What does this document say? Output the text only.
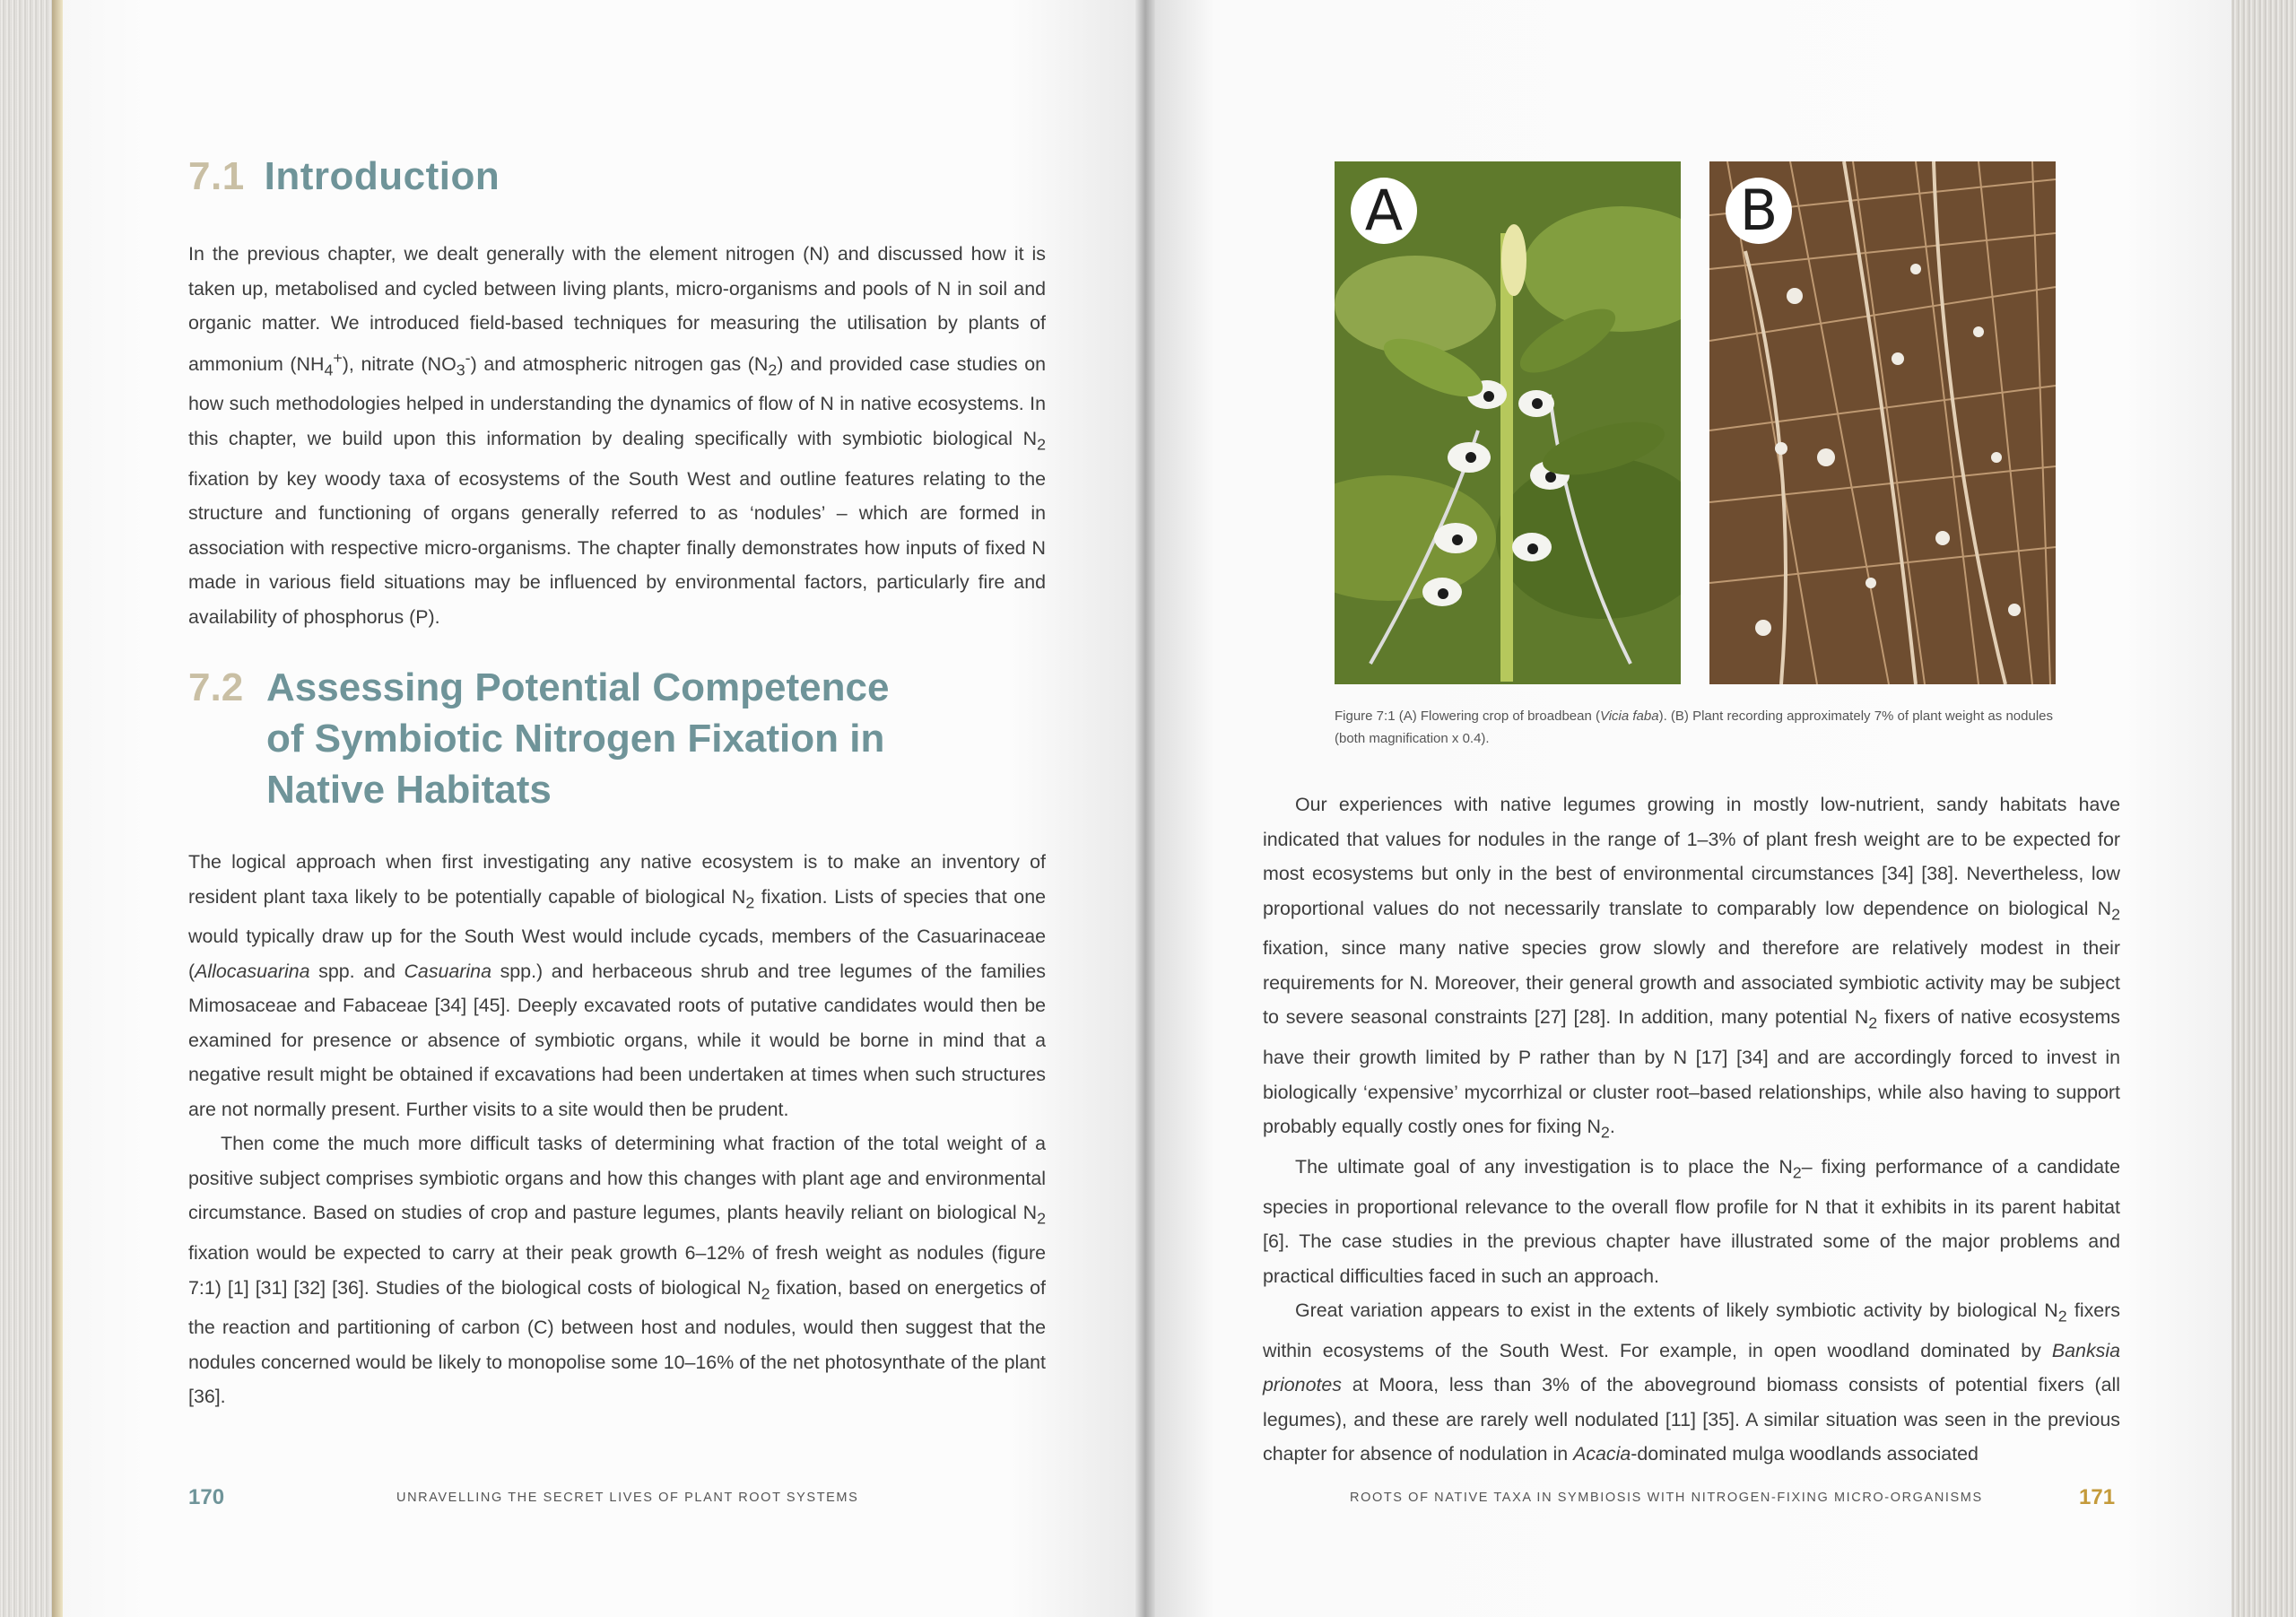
7.1 Introduction

In the previous chapter, we dealt generally with the element nitrogen (N) and discussed how it is taken up, metabolised and cycled between living plants, micro-organisms and pools of N in soil and organic matter. We introduced field-based techniques for measuring the utilisation by plants of ammonium $(NH_4^+)$, nitrate $(NO_3^-)$ and atmospheric nitrogen gas $(N_2)$ and provided case studies on how such methodologies helped in understanding the dynamics of flow of N in native ecosystems. In this chapter, we build upon this information by dealing specifically with symbiotic biological $N_2$ fixation by key woody taxa of ecosystems of the South West and outline features relating to the structure and functioning of organs generally referred to as ‘nodules’ – which are formed in association with respective micro-organisms. The chapter finally demonstrates how inputs of fixed N made in various field situations may be influenced by environmental factors, particularly fire and availability of phosphorus (P).

7.2 Assessing Potential Competence
of Symbiotic Nitrogen Fixation in
Native Habitats

The logical approach when first investigating any native ecosystem is to make an inventory of resident plant taxa likely to be potentially capable of biological $N_2$ fixation. Lists of species that one would typically draw up for the South West would include cycads, members of the Casuarinaceae (Allocasuarina spp. and Casuarina spp.) and herbaceous shrub and tree legumes of the families Mimosaceae and Fabaceae [34] [45]. Deeply excavated roots of putative candidates would then be examined for presence or absence of symbiotic organs, while it would be borne in mind that a negative result might be obtained if excavations had been undertaken at times when such structures are not normally present. Further visits to a site would then be prudent.

Then come the much more difficult tasks of determining what fraction of the total weight of a positive subject comprises symbiotic organs and how this changes with plant age and environmental circumstance. Based on studies of crop and pasture legumes, plants heavily reliant on biological $N_2$ fixation would be expected to carry at their peak growth 6–12% of fresh weight as nodules (figure 7:1) [1] [31] [32] [36]. Studies of the biological costs of biological $N_2$ fixation, based on energetics of the reaction and partitioning of carbon (C) between host and nodules, would then suggest that the nodules concerned would be likely to monopolise some 10–16% of the net photosynthate of the plant [36].

170	UNRAVELLING THE SECRET LIVES OF PLANT ROOT SYSTEMS
A	B
Figure 7:1 (A) Flowering crop of broadbean (Vicia faba). (B) Plant recording approximately 7% of plant weight as nodules (both magnification x 0.4).

Our experiences with native legumes growing in mostly low-nutrient, sandy habitats have indicated that values for nodules in the range of 1–3% of plant fresh weight are to be expected for most ecosystems but only in the best of environmental circumstances [34] [38]. Nevertheless, low proportional values do not necessarily translate to comparably low dependence on biological $N_2$ fixation, since many native species grow slowly and therefore are relatively modest in their requirements for N. Moreover, their general growth and associated symbiotic activity may be subject to severe seasonal constraints [27] [28]. In addition, many potential $N_2$ fixers of native ecosystems have their growth limited by P rather than by N [17] [34] and are accordingly forced to invest in biologically ‘expensive’ mycorrhizal or cluster root–based relationships, while also having to support probably equally costly ones for fixing $N_2$.

The ultimate goal of any investigation is to place the $N_2-$ fixing performance of a candidate species in proportional relevance to the overall flow profile for N that it exhibits in its parent habitat [6]. The case studies in the previous chapter have illustrated some of the major problems and practical difficulties faced in such an approach.

Great variation appears to exist in the extents of likely symbiotic activity by biological $N_2$ fixers within ecosystems of the South West. For example, in open woodland dominated by Banksia prionotes at Moora, less than 3% of the aboveground biomass consists of potential fixers (all legumes), and these are rarely well nodulated [11] [35]. A similar situation was seen in the previous chapter for absence of nodulation in Acacia-dominated mulga woodlands associated

ROOTS OF NATIVE TAXA IN SYMBIOSIS WITH NITROGEN-FIXING MICRO-ORGANISMS	171
